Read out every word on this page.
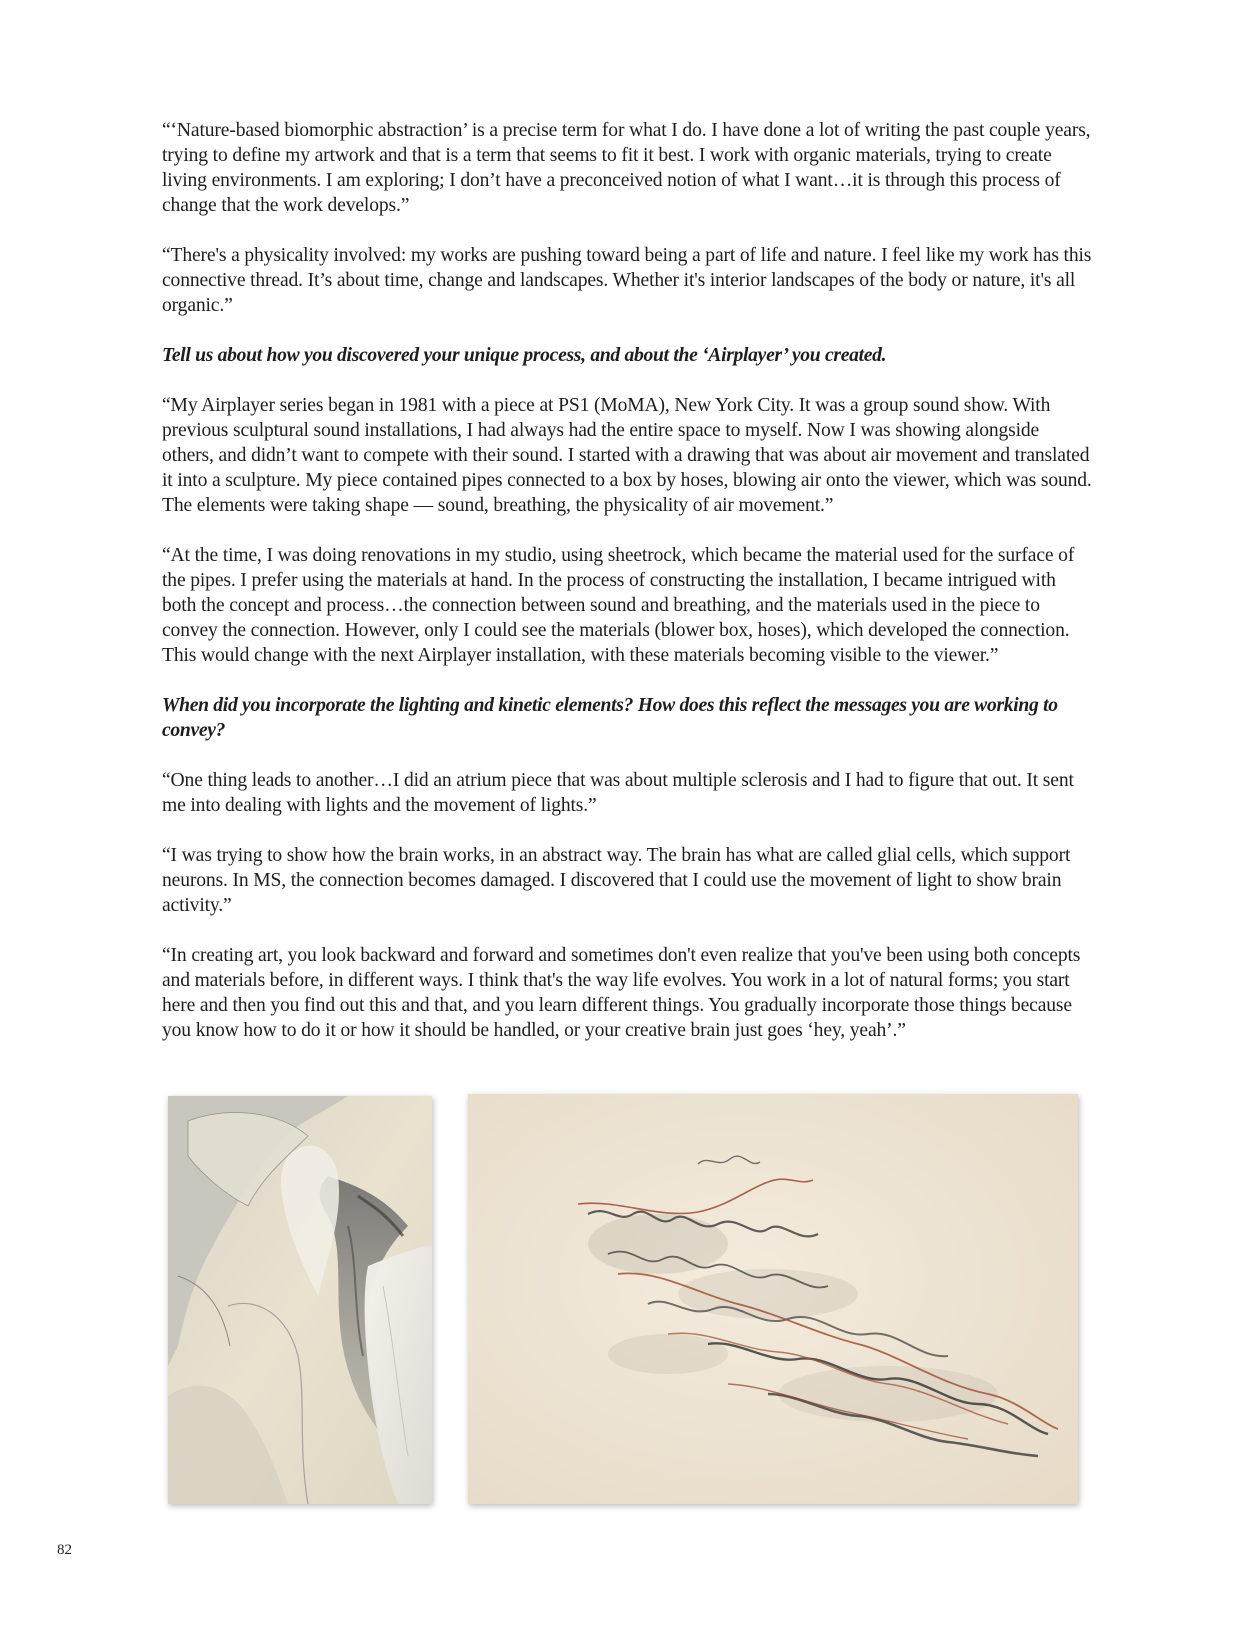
“‘Nature-based biomorphic abstraction’ is a precise term for what I do. I have done a lot of writing the past couple years, trying to define my artwork and that is a term that seems to fit it best. I work with organic materials, trying to create living environments. I am exploring; I don’t have a preconceived notion of what I want…it is through this process of change that the work develops.”

“There's a physicality involved: my works are pushing toward being a part of life and nature. I feel like my work has this connective thread. It’s about time, change and landscapes. Whether it's interior landscapes of the body or nature, it's all organic.”

Tell us about how you discovered your unique process, and about the ‘Airplayer’ you created.

“My Airplayer series began in 1981 with a piece at PS1 (MoMA), New York City. It was a group sound show. With previous sculptural sound installations, I had always had the entire space to myself. Now I was showing alongside others, and didn’t want to compete with their sound. I started with a drawing that was about air movement and translated it into a sculpture. My piece contained pipes connected to a box by hoses, blowing air onto the viewer, which was sound. The elements were taking shape — sound, breathing, the physicality of air movement.”

“At the time, I was doing renovations in my studio, using sheetrock, which became the material used for the surface of the pipes. I prefer using the materials at hand. In the process of constructing the installation, I became intrigued with both the concept and process…the connection between sound and breathing, and the materials used in the piece to convey the connection. However, only I could see the materials (blower box, hoses), which developed the connection. This would change with the next Airplayer installation, with these materials becoming visible to the viewer.”

When did you incorporate the lighting and kinetic elements? How does this reflect the messages you are working to convey?

“One thing leads to another…I did an atrium piece that was about multiple sclerosis and I had to figure that out. It sent me into dealing with lights and the movement of lights.”

“I was trying to show how the brain works, in an abstract way. The brain has what are called glial cells, which support neurons. In MS, the connection becomes damaged. I discovered that I could use the movement of light to show brain activity.”

“In creating art, you look backward and forward and sometimes don't even realize that you've been using both concepts and materials before, in different ways. I think that's the way life evolves. You work in a lot of natural forms; you start here and then you find out this and that, and you learn different things. You gradually incorporate those things because you know how to do it or how it should be handled, or your creative brain just goes ‘hey, yeah’.”

82
